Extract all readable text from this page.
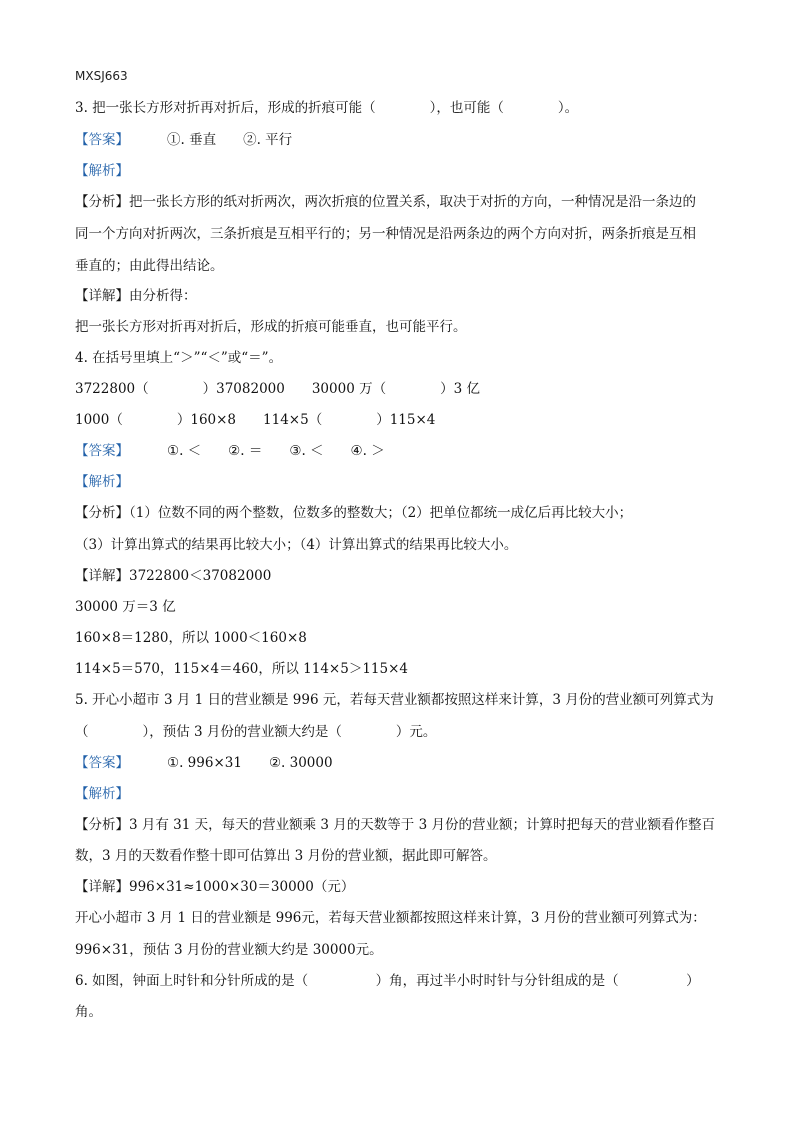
MXSJ663
3. 把一张长方形对折再对折后，形成的折痕可能（　　　　），也可能（　　　　）。
【答案】	①. 垂直　　②. 平行
【解析】
【分析】把一张长方形的纸对折两次，两次折痕的位置关系，取决于对折的方向，一种情况是沿一条边的
同一个方向对折两次，三条折痕是互相平行的；另一种情况是沿两条边的两个方向对折，两条折痕是互相
垂直的；由此得出结论。
【详解】由分析得：
把一张长方形对折再对折后，形成的折痕可能垂直，也可能平行。
4. 在括号里填上“＞”“＜”或“＝”。
3722800（　　　　）37082000　　30000 万（　　　　）3 亿
1000（　　　　）160×8　　114×5（　　　　）115×4
【答案】	①. ＜　　②. ＝　　③. ＜　　④. ＞
【解析】
【分析】（1）位数不同的两个整数，位数多的整数大；（2）把单位都统一成亿后再比较大小；
（3）计算出算式的结果再比较大小；（4）计算出算式的结果再比较大小。
【详解】3722800＜37082000
30000 万＝3 亿
160×8＝1280，所以 1000＜160×8
114×5＝570，115×4＝460，所以 114×5＞115×4
5. 开心小超市 3 月 1 日的营业额是 996 元，若每天营业额都按照这样来计算，3 月份的营业额可列算式为
（　　　　），预估 3 月份的营业额大约是（　　　　）元。
【答案】	①. 996×31　　②. 30000
【解析】
【分析】3 月有 31 天，每天的营业额乘 3 月的天数等于 3 月份的营业额；计算时把每天的营业额看作整百
数，3 月的天数看作整十即可估算出 3 月份的营业额，据此即可解答。
【详解】996×31≈1000×30＝30000（元）
开心小超市 3 月 1 日的营业额是 996元，若每天营业额都按照这样来计算，3 月份的营业额可列算式为：
996×31，预估 3 月份的营业额大约是 30000元。
6. 如图，钟面上时针和分针所成的是（　　　　　）角，再过半小时时针与分针组成的是（　　　　　）
角。
